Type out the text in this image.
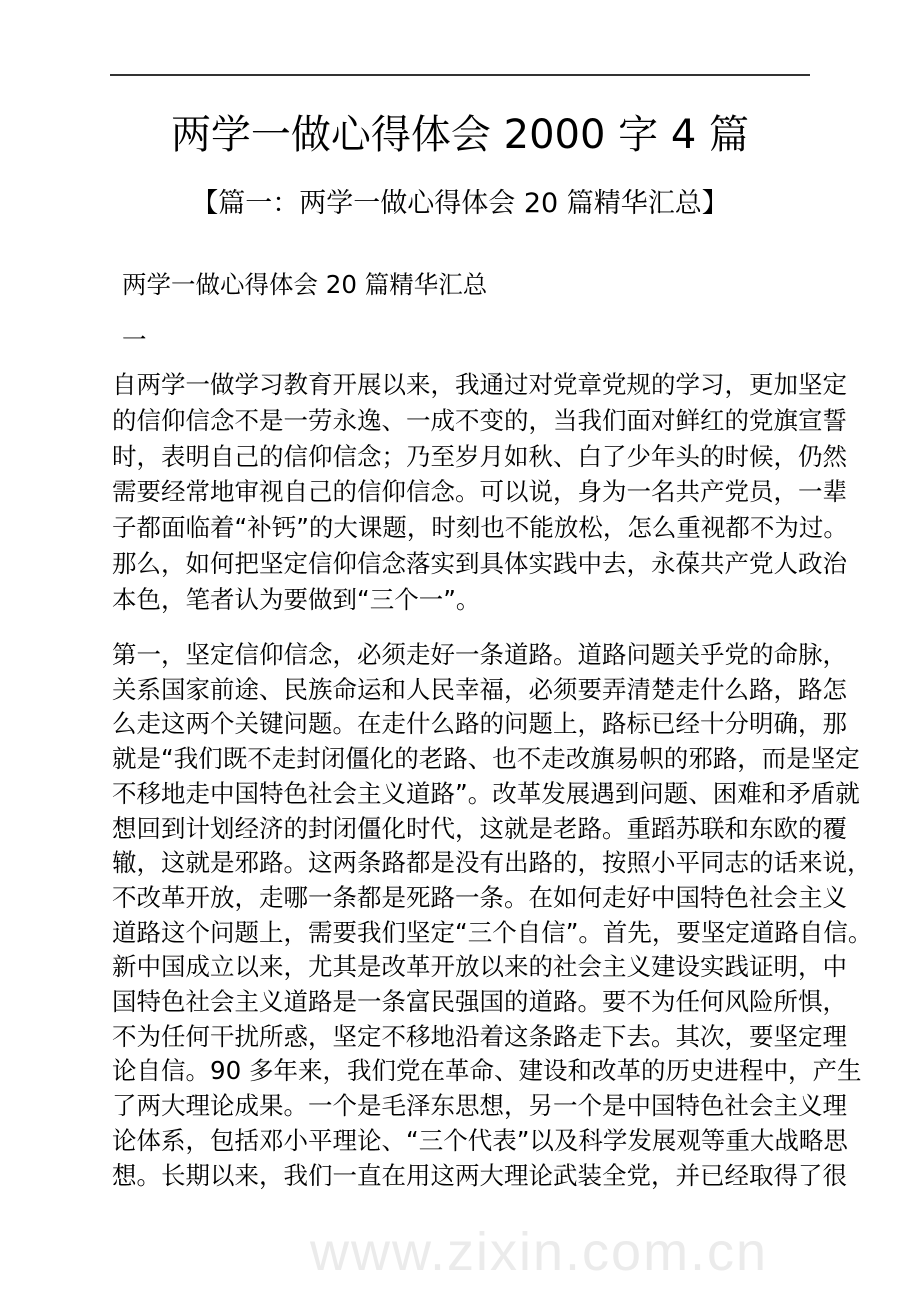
两学一做心得体会 2000 字 4 篇
【篇一：两学一做心得体会 20 篇精华汇总】
两学一做心得体会 20 篇精华汇总
一
自两学一做学习教育开展以来，我通过对党章党规的学习，更加坚定
的信仰信念不是一劳永逸、一成不变的，当我们面对鲜红的党旗宣誓
时，表明自己的信仰信念；乃至岁月如秋、白了少年头的时候，仍然
需要经常地审视自己的信仰信念。可以说，身为一名共产党员，一辈
子都面临着“补钙”的大课题，时刻也不能放松，怎么重视都不为过。
那么，如何把坚定信仰信念落实到具体实践中去，永葆共产党人政治
本色，笔者认为要做到“三个一”。
第一，坚定信仰信念，必须走好一条道路。道路问题关乎党的命脉，
关系国家前途、民族命运和人民幸福，必须要弄清楚走什么路，路怎
么走这两个关键问题。在走什么路的问题上，路标已经十分明确，那
就是“我们既不走封闭僵化的老路、也不走改旗易帜的邪路，而是坚定
不移地走中国特色社会主义道路”。改革发展遇到问题、困难和矛盾就
想回到计划经济的封闭僵化时代，这就是老路。重蹈苏联和东欧的覆
辙，这就是邪路。这两条路都是没有出路的，按照小平同志的话来说，
不改革开放，走哪一条都是死路一条。在如何走好中国特色社会主义
道路这个问题上，需要我们坚定“三个自信”。首先，要坚定道路自信。
新中国成立以来，尤其是改革开放以来的社会主义建设实践证明，中
国特色社会主义道路是一条富民强国的道路。要不为任何风险所惧，
不为任何干扰所惑，坚定不移地沿着这条路走下去。其次，要坚定理
论自信。90 多年来，我们党在革命、建设和改革的历史进程中，产生
了两大理论成果。一个是毛泽东思想，另一个是中国特色社会主义理
论体系，包括邓小平理论、“三个代表”以及科学发展观等重大战略思
想。长期以来，我们一直在用这两大理论武装全党，并已经取得了很
www.zixin.com.cn
